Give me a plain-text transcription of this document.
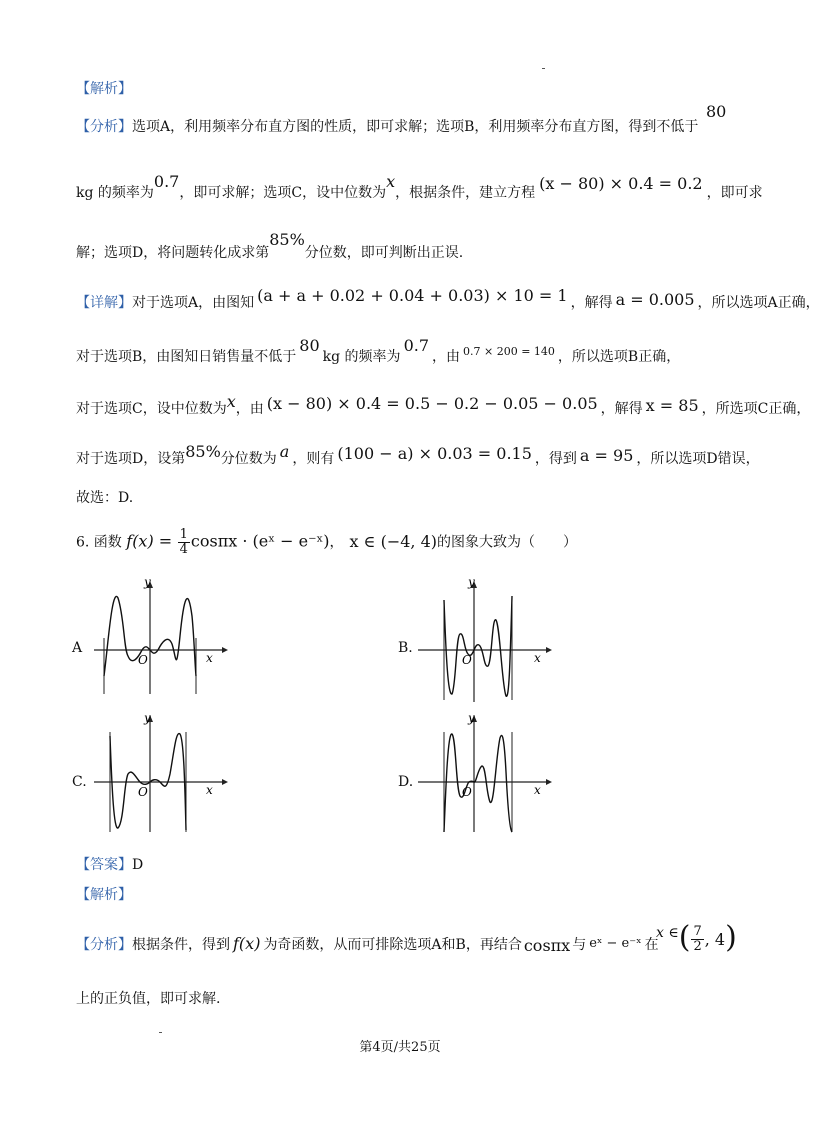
【解析】
【分析】选项A，利用频率分布直方图的性质，即可求解；选项B，利用频率分布直方图，得到不低于
80
kg 的频率为0.7，即可求解；选项C，设中位数为x，根据条件，建立方程 (x − 80) × 0.4 = 0.2 ，即可求
解；选项D，将问题转化成求第85%分位数，即可判断出正误.
【详解】对于选项A，由图知 (a + a + 0.02 + 0.04 + 0.03) × 10 = 1 ，解得 a = 0.005 ，所以选项A正确，
对于选项B，由图知日销售量不低于80kg 的频率为0.7，由 $^{0.7 \times 200 = 140}$ ，所以选项B正确，
对于选项C，设中位数为x，由 (x − 80) × 0.4 = 0.5 − 0.2 − 0.05 − 0.05 ，解得 x = 85 ，所选项C正确，
对于选项D，设第85%分位数为 a ，则有 (100 − a) × 0.03 = 0.15 ，得到 a = 95 ，所以选项D错误，
故选：D.
6. 函数 $f(x) = \frac{1}{4}$ cosπx · (eˣ − e⁻ˣ)， x ∈ (−4, 4)的图象大致为（　　）
A	B.
C.	D.
y
x
O
y
x
O
y
x
O
y
x
O
【答案】D
【解析】
【分析】根据条件，得到 f(x) 为奇函数，从而可排除选项A和B，再结合 cosπx 与 eˣ − e⁻ˣ 在
x ∈( $\frac{7}{2}$ , 4)
上的正负值，即可求解.
第4页/共25页
